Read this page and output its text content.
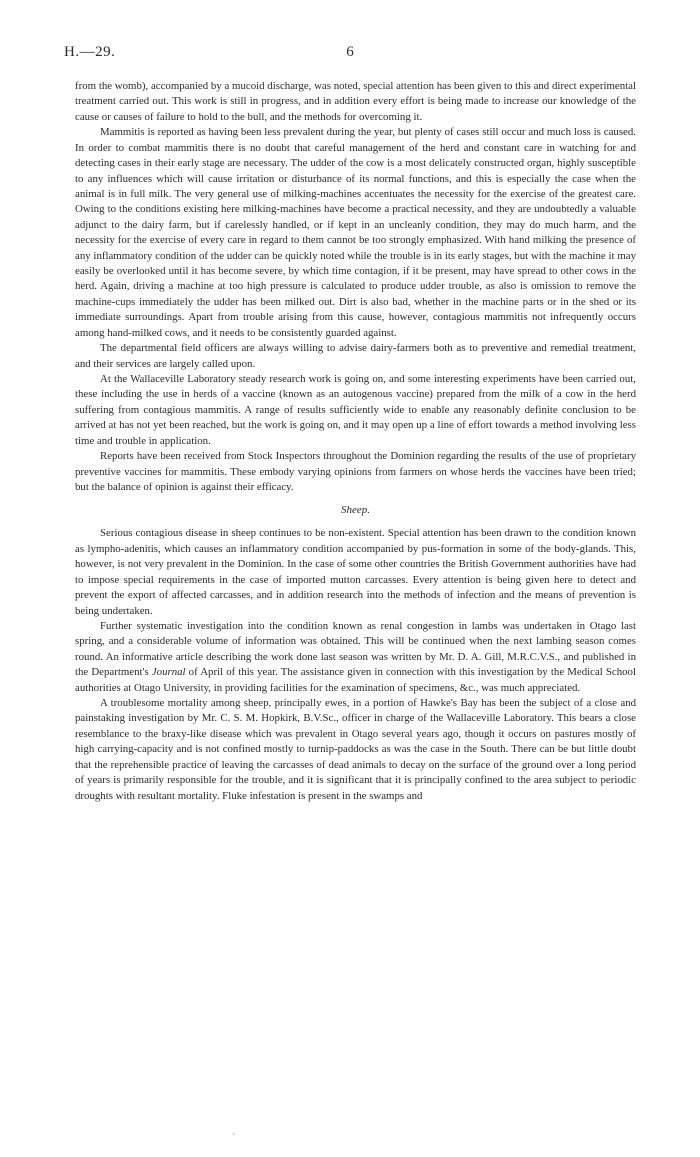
H.—29.	6

from the womb), accompanied by a mucoid discharge, was noted, special attention has been given to this and direct experimental treatment carried out. This work is still in progress, and in addition every effort is being made to increase our knowledge of the cause or causes of failure to hold to the bull, and the methods for overcoming it.

Mammitis is reported as having been less prevalent during the year, but plenty of cases still occur and much loss is caused. In order to combat mammitis there is no doubt that careful management of the herd and constant care in watching for and detecting cases in their early stage are necessary. The udder of the cow is a most delicately constructed organ, highly susceptible to any influences which will cause irritation or disturbance of its normal functions, and this is especially the case when the animal is in full milk. The very general use of milking-machines accentuates the necessity for the exercise of the greatest care. Owing to the conditions existing here milking-machines have become a practical necessity, and they are undoubtedly a valuable adjunct to the dairy farm, but if carelessly handled, or if kept in an uncleanly condition, they may do much harm, and the necessity for the exercise of every care in regard to them cannot be too strongly emphasized. With hand milking the presence of any inflammatory condition of the udder can be quickly noted while the trouble is in its early stages, but with the machine it may easily be overlooked until it has become severe, by which time contagion, if it be present, may have spread to other cows in the herd. Again, driving a machine at too high pressure is calculated to produce udder trouble, as also is omission to remove the machine-cups immediately the udder has been milked out. Dirt is also bad, whether in the machine parts or in the shed or its immediate surroundings. Apart from trouble arising from this cause, however, contagious mammitis not infrequently occurs among hand-milked cows, and it needs to be consistently guarded against.

The departmental field officers are always willing to advise dairy-farmers both as to preventive and remedial treatment, and their services are largely called upon.

At the Wallaceville Laboratory steady research work is going on, and some interesting experiments have been carried out, these including the use in herds of a vaccine (known as an autogenous vaccine) prepared from the milk of a cow in the herd suffering from contagious mammitis. A range of results sufficiently wide to enable any reasonably definite conclusion to be arrived at has not yet been reached, but the work is going on, and it may open up a line of effort towards a method involving less time and trouble in application.

Reports have been received from Stock Inspectors throughout the Dominion regarding the results of the use of proprietary preventive vaccines for mammitis. These embody varying opinions from farmers on whose herds the vaccines have been tried; but the balance of opinion is against their efficacy.

Sheep.

Serious contagious disease in sheep continues to be non-existent. Special attention has been drawn to the condition known as lympho-adenitis, which causes an inflammatory condition accompanied by pus-formation in some of the body-glands. This, however, is not very prevalent in the Dominion. In the case of some other countries the British Government authorities have had to impose special requirements in the case of imported mutton carcasses. Every attention is being given here to detect and prevent the export of affected carcasses, and in addition research into the methods of infection and the means of prevention is being undertaken.

Further systematic investigation into the condition known as renal congestion in lambs was undertaken in Otago last spring, and a considerable volume of information was obtained. This will be continued when the next lambing season comes round. An informative article describing the work done last season was written by Mr. D. A. Gill, M.R.C.V.S., and published in the Department's Journal of April of this year. The assistance given in connection with this investigation by the Medical School authorities at Otago University, in providing facilities for the examination of specimens, &c., was much appreciated.

A troublesome mortality among sheep, principally ewes, in a portion of Hawke's Bay has been the subject of a close and painstaking investigation by Mr. C. S. M. Hopkirk, B.V.Sc., officer in charge of the Wallaceville Laboratory. This bears a close resemblance to the braxy-like disease which was prevalent in Otago several years ago, though it occurs on pastures mostly of high carrying-capacity and is not confined mostly to turnip-paddocks as was the case in the South. There can be but little doubt that the reprehensible practice of leaving the carcasses of dead animals to decay on the surface of the ground over a long period of years is primarily responsible for the trouble, and it is significant that it is principally confined to the area subject to periodic droughts with resultant mortality. Fluke infestation is present in the swamps and

`
